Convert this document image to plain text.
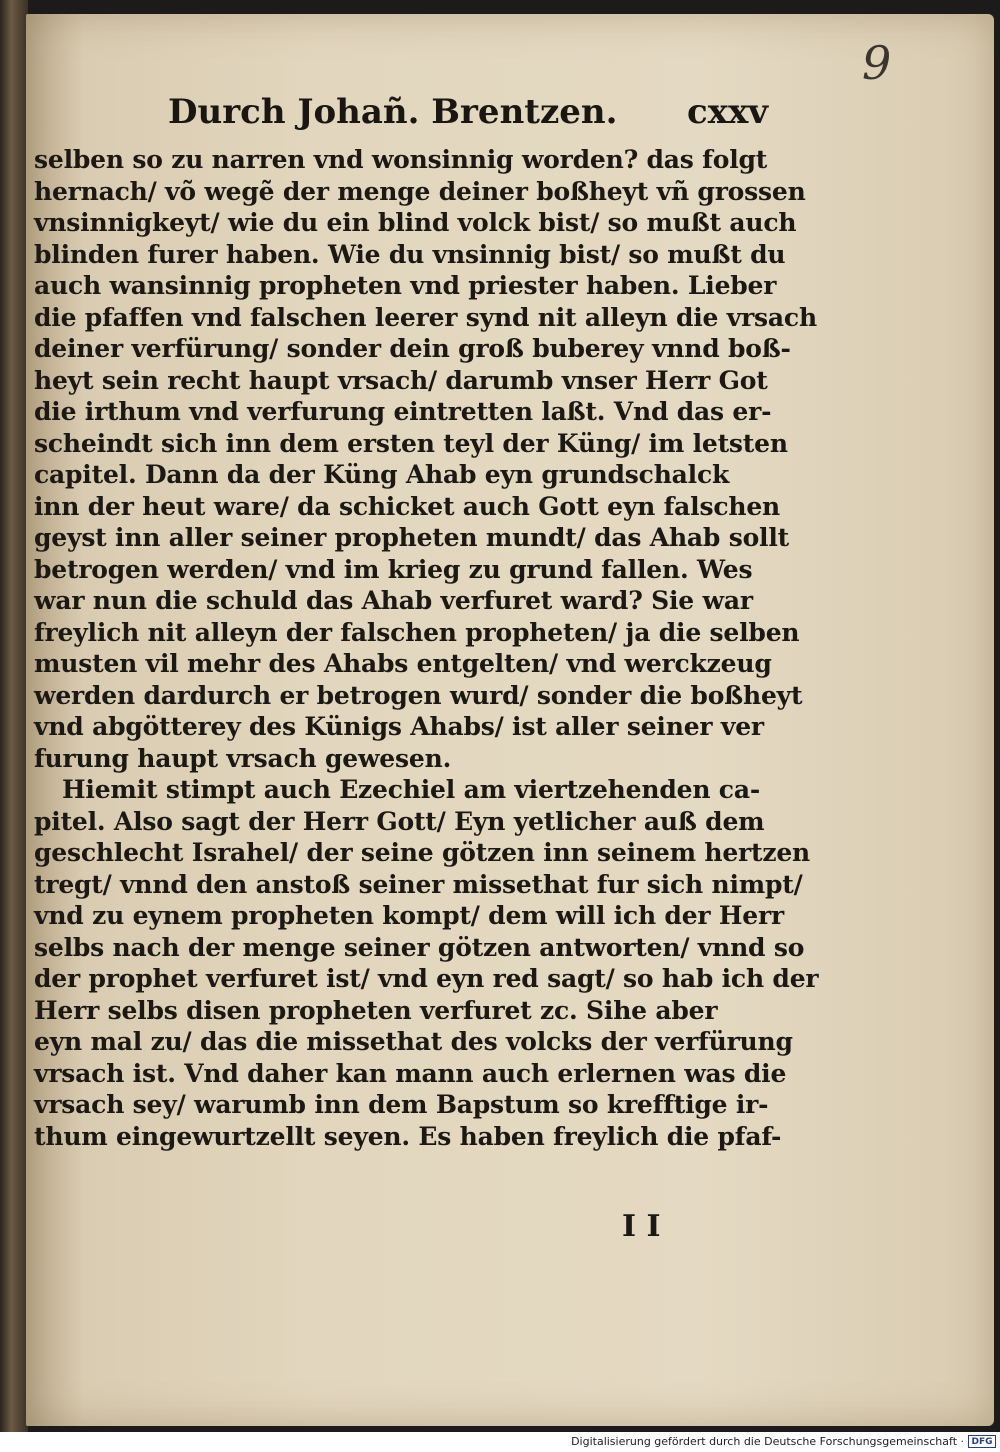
9
Durch Johañ. Brentzen. cxxv
selben so zu narren vnd wonsinnig worden? das folgt
hernach/ võ wegẽ der menge deiner boßheyt vñ grossen
vnsinnigkeyt/ wie du ein blind volck bist/ so mußt auch
blinden furer haben. Wie du vnsinnig bist/ so mußt du
auch wansinnig propheten vnd priester haben. Lieber
die pfaffen vnd falschen leerer synd nit alleyn die vrsach
deiner verfürung/ sonder dein groß buberey vnnd boß-
heyt sein recht haupt vrsach/ darumb vnser Herr Got
die irthum vnd verfurung eintretten laßt. Vnd das er-
scheindt sich inn dem ersten teyl der Küng/ im letsten
capitel. Dann da der Küng Ahab eyn grundschalck
inn der heut ware/ da schicket auch Gott eyn falschen
geyst inn aller seiner propheten mundt/ das Ahab sollt
betrogen werden/ vnd im krieg zu grund fallen. Wes
war nun die schuld das Ahab verfuret ward? Sie war
freylich nit alleyn der falschen propheten/ ja die selben
musten vil mehr des Ahabs entgelten/ vnd werckzeug
werden dardurch er betrogen wurd/ sonder die boßheyt
vnd abgötterey des Künigs Ahabs/ ist aller seiner ver
furung haupt vrsach gewesen.
Hiemit stimpt auch Ezechiel am viertzehenden ca-
pitel. Also sagt der Herr Gott/ Eyn yetlicher auß dem
geschlecht Israhel/ der seine götzen inn seinem hertzen
tregt/ vnnd den anstoß seiner missethat fur sich nimpt/
vnd zu eynem propheten kompt/ dem will ich der Herr
selbs nach der menge seiner götzen antworten/ vnnd so
der prophet verfuret ist/ vnd eyn red sagt/ so hab ich der
Herr selbs disen propheten verfuret zc. Sihe aber
eyn mal zu/ das die missethat des volcks der verfürung
vrsach ist. Vnd daher kan mann auch erlernen was die
vrsach sey/ warumb inn dem Bapstum so krefftige ir-
thum eingewurtzellt seyen. Es haben freylich die pfaf-
I I
Digitalisierung gefördert durch die Deutsche Forschungsgemeinschaft · DFG
